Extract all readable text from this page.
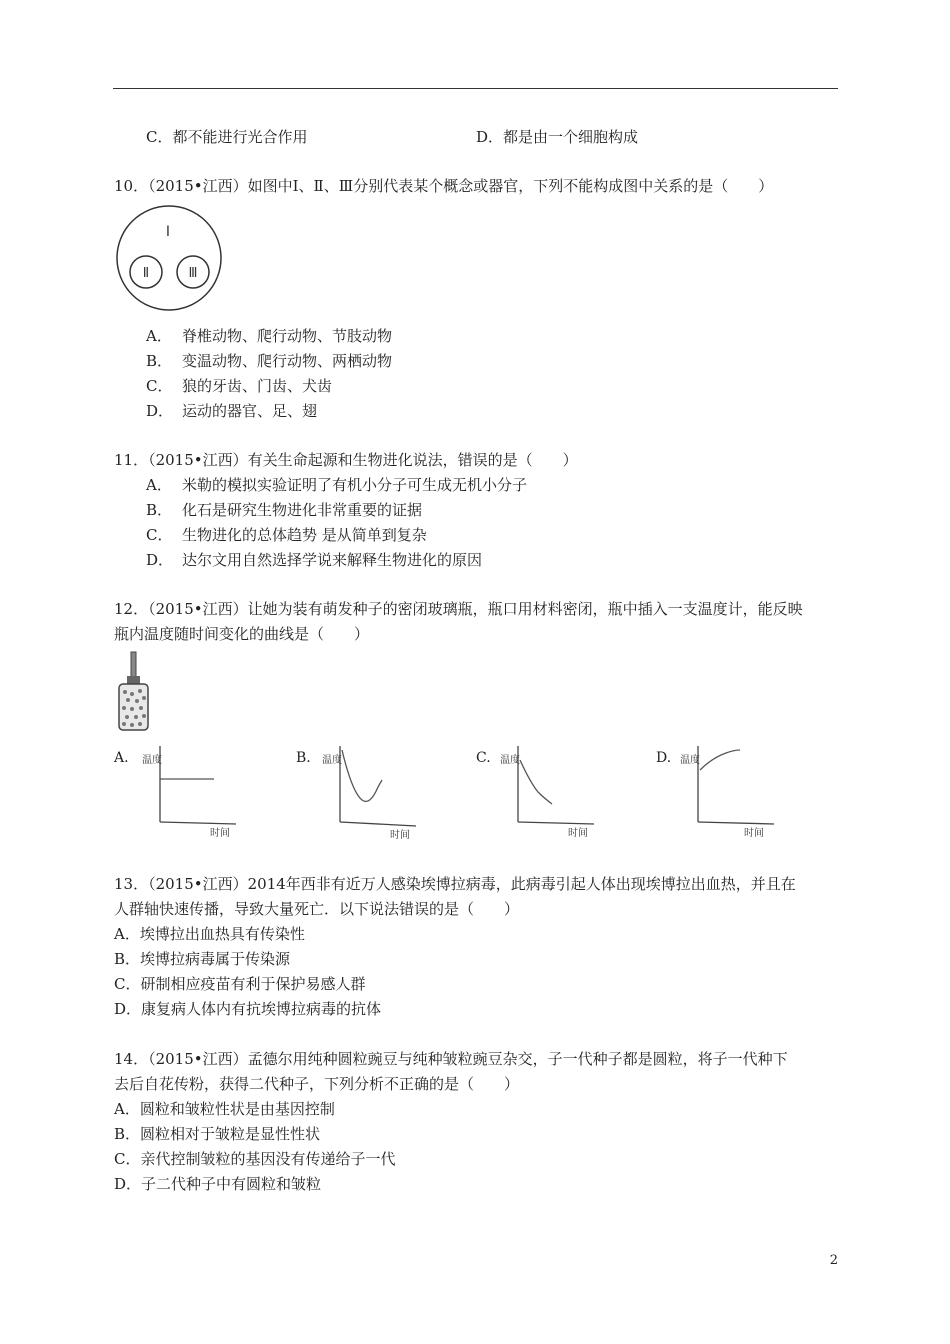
C．都不能进行光合作用	D．都是由一个细胞构成
10．（2015•江西）如图中Ⅰ、Ⅱ、Ⅲ分别代表某个概念或器官，下列不能构成图中关系的是（　　）
Ⅰ
Ⅱ	Ⅲ
A． 脊椎动物、爬行动物、节肢动物
B． 变温动物、爬行动物、两栖动物
C． 狼的牙齿、门齿、犬齿
D． 运动的器官、足、翅
11．（2015•江西）有关生命起源和生物进化说法，错误的是（　　）
A． 米勒的模拟实验证明了有机小分子可生成无机小分子
B． 化石是研究生物进化非常重要的证据
C． 生物进化的总体趋势 是从简单到复杂
D． 达尔文用自然选择学说来解释生物进化的原因
12．（2015•江西）让她为装有萌发种子的密闭玻璃瓶，瓶口用材料密闭，瓶中插入一支温度计，能反映
瓶内温度随时间变化的曲线是（　　）
A. 温度
时间
B. 温度
时间
C. 温度
时间
D. 温度
时间
13．（2015•江西）2014年西非有近万人感染埃博拉病毒，此病毒引起人体出现埃博拉出血热，并且在
人群轴快速传播，导致大量死亡．以下说法错误的是（　　）
A．埃博拉出血热具有传染性
B．埃博拉病毒属于传染源
C．研制相应疫苗有利于保护易感人群
D．康复病人体内有抗埃博拉病毒的抗体
14．（2015•江西）孟德尔用纯种圆粒豌豆与纯种皱粒豌豆杂交，子一代种子都是圆粒，将子一代种下
去后自花传粉，获得二代种子，下列分析不正确的是（　　）
A．圆粒和皱粒性状是由基因控制
B．圆粒相对于皱粒是显性性状
C．亲代控制皱粒的基因没有传递给子一代
D．子二代种子中有圆粒和皱粒
2
